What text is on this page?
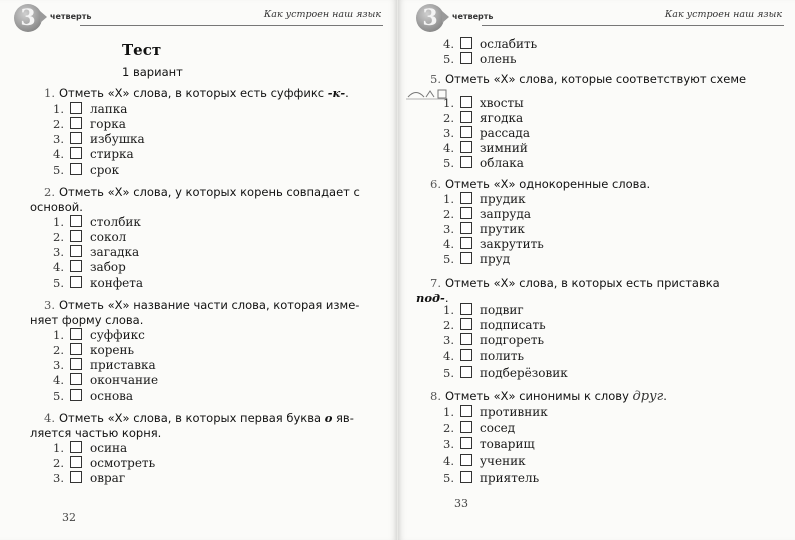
3	четверть	Как устроен наш язык
Тест
1 вариант
1. Отметь «Х» слова, в которых есть суффикс -к-.
1. лапка
2. горка
3. избушка
4. стирка
5. срок
2. Отметь «Х» слова, у которых корень совпадает с
основой.
1. столбик
2. сокол
3. загадка
4. забор
5. конфета
3. Отметь «Х» название части слова, которая изме-
няет форму слова.
1. суффикс
2. корень
3. приставка
4. окончание
5. основа
4. Отметь «Х» слова, в которых первая буква о яв-
ляется частью корня.
1. осина
2. осмотреть
3. овраг
32
3	четверть	Как устроен наш язык
4. ослабить
5. олень
5. Отметь «Х» слова, которые соответствуют схеме
1. хвосты
2. ягодка
3. рассада
4. зимний
5. облака
6. Отметь «Х» однокоренные слова.
1. прудик
2. запруда
3. прутик
4. закрутить
5. пруд
7. Отметь «Х» слова, в которых есть приставка
под-.
1. подвиг
2. подписать
3. подгореть
4. полить
5. подберёзовик
8. Отметь «Х» синонимы к слову друг.
1. противник
2. сосед
3. товарищ
4. ученик
5. приятель
33
